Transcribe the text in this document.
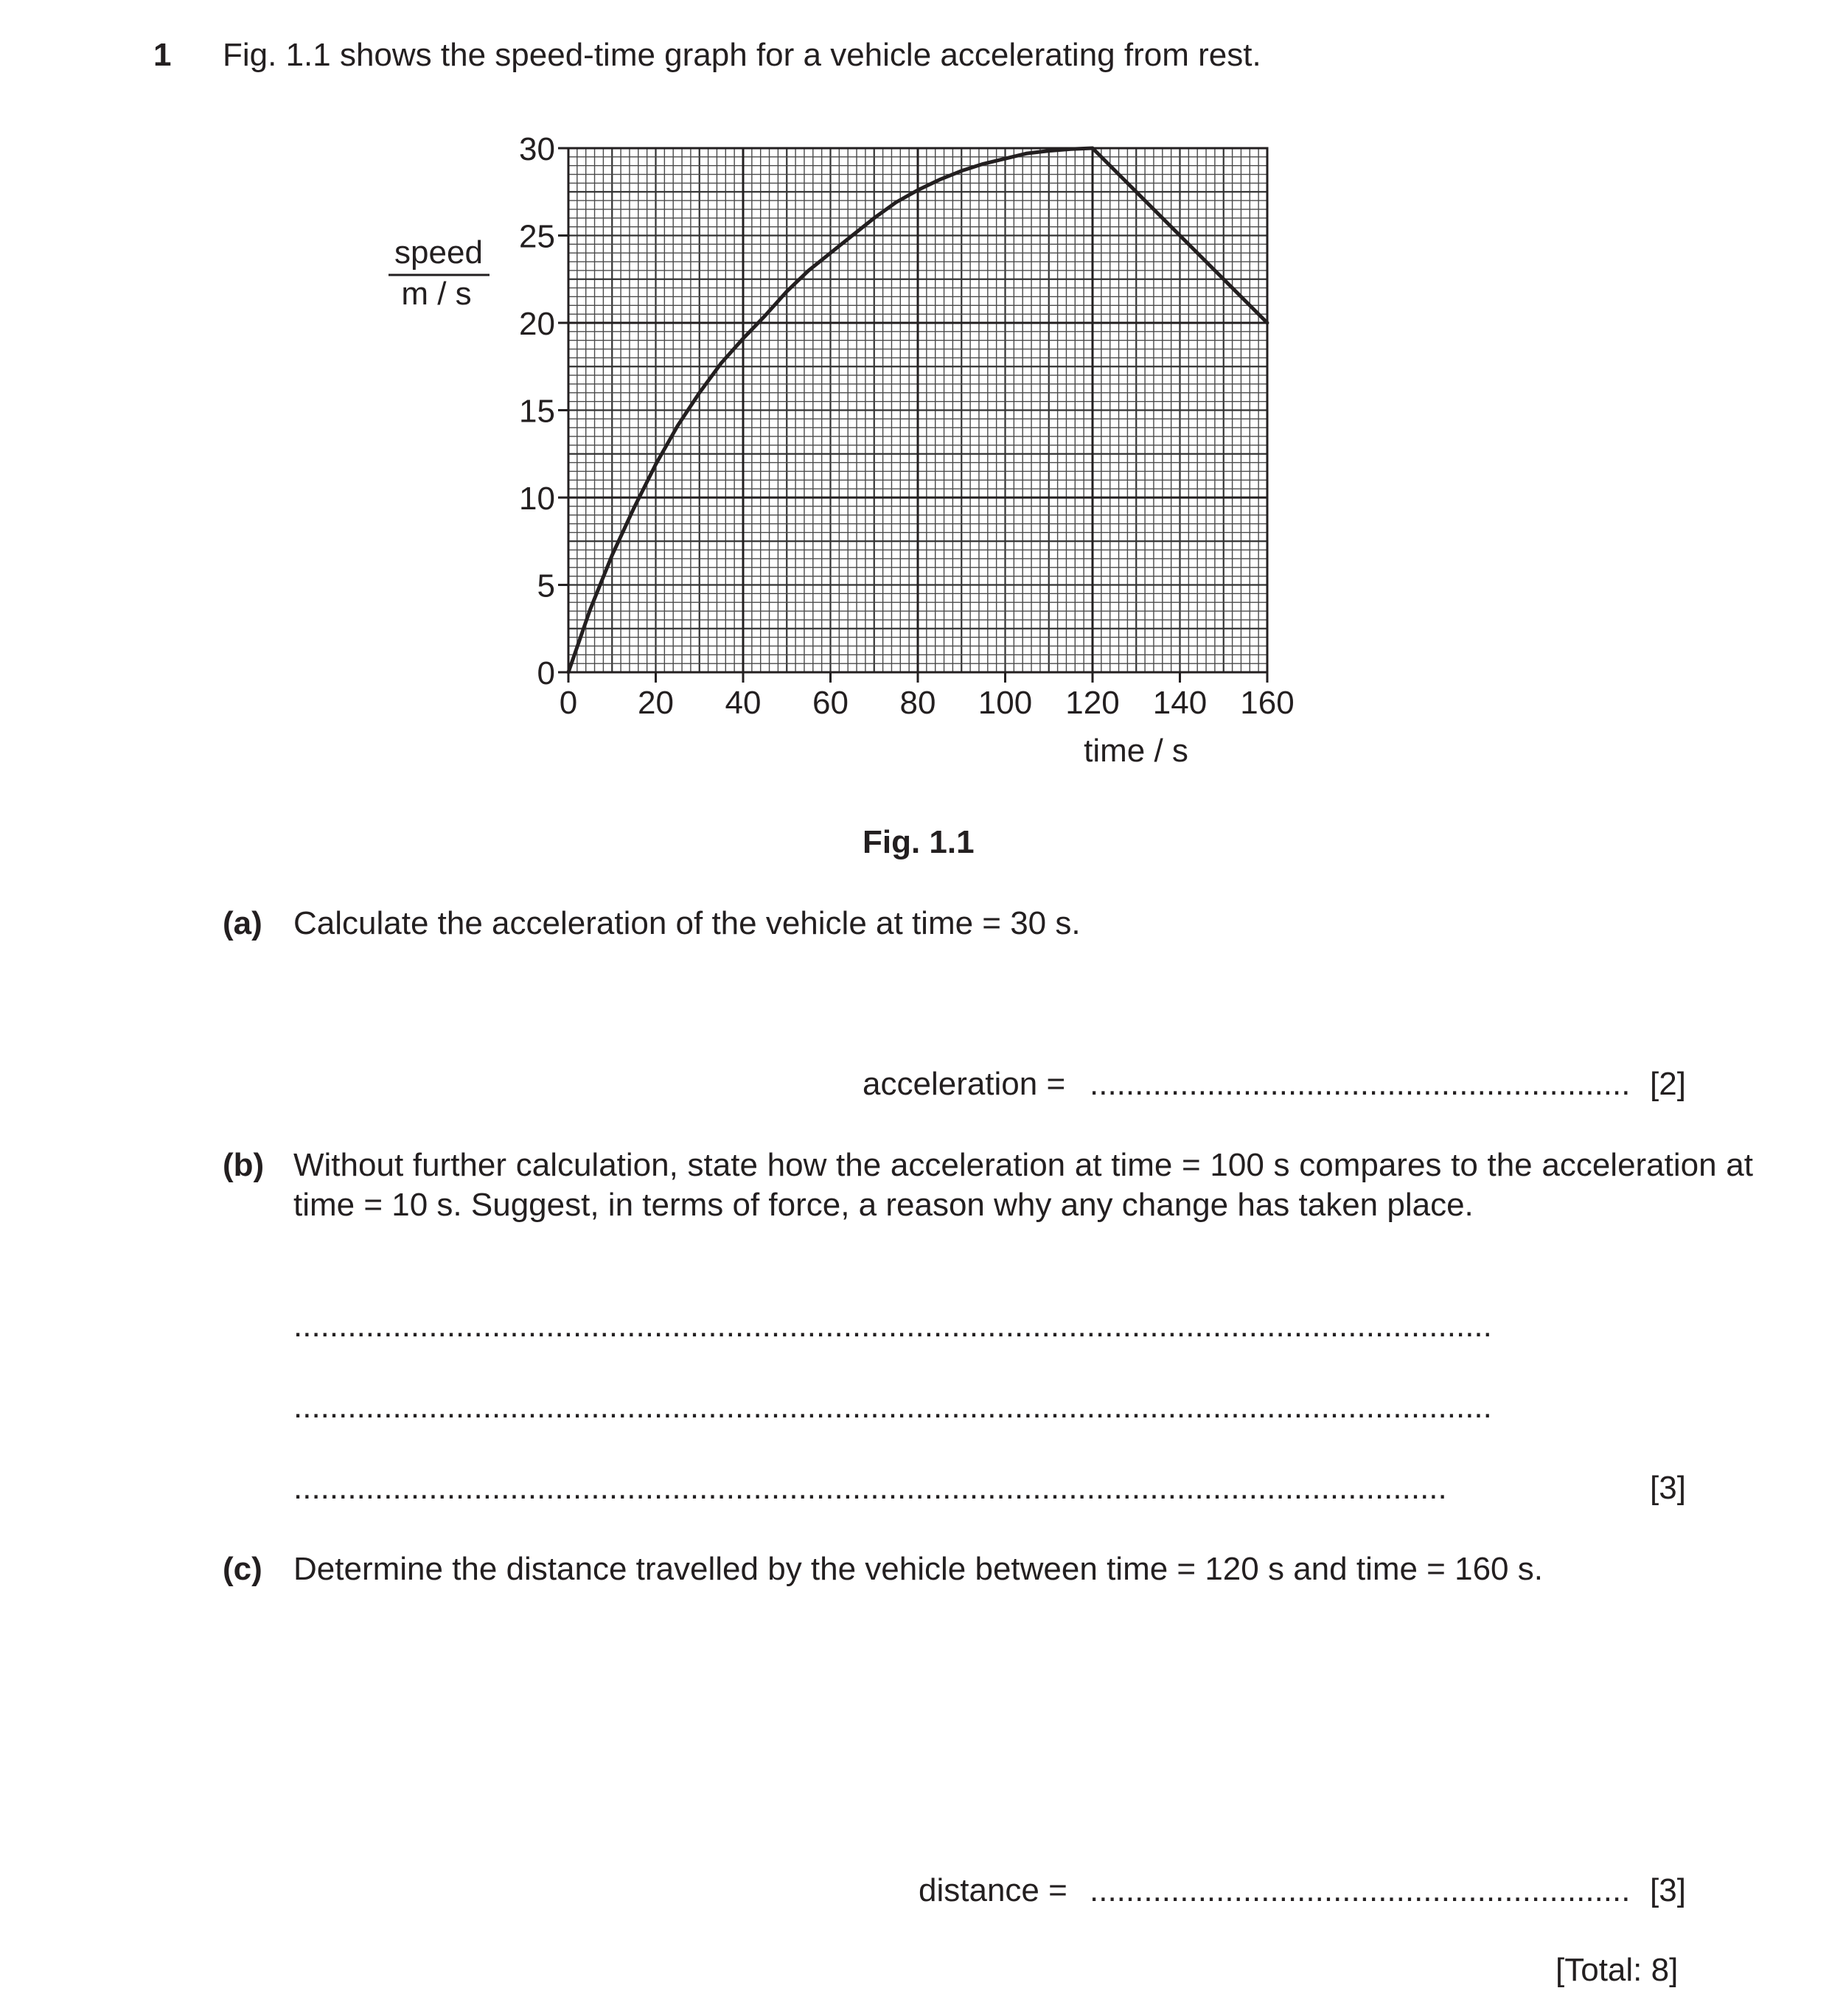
1 Fig. 1.1 shows the speed-time graph for a vehicle accelerating from rest.
0 20 40 60 80 100 120 140 160
0
5
10
15
20
25
30
speed
m / s
time / s
Fig. 1.1
(a) Calculate the acceleration of the vehicle at time = 30 s.
acceleration = ............................................................ [2]
(b) Without further calculation, state how the acceleration at time = 100 s compares to the acceleration at time = 10 s. Suggest, in terms of force, a reason why any change has taken place.
.....................................................................................................................................
.....................................................................................................................................
................................................................................................................................	[3]
(c) Determine the distance travelled by the vehicle between time = 120 s and time = 160 s.
distance = ............................................................ [3]
[Total: 8]
